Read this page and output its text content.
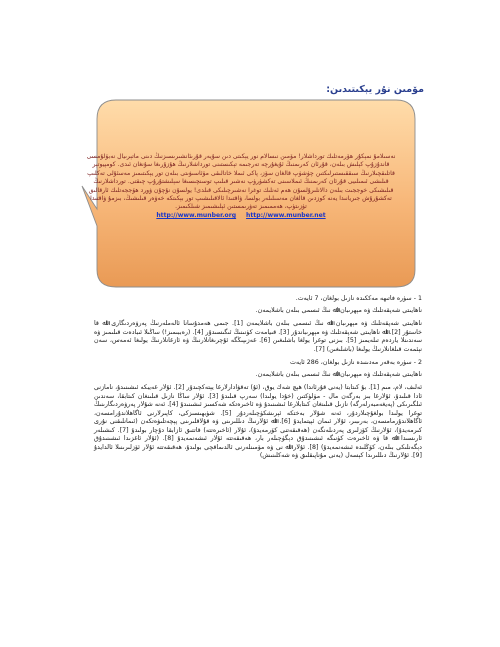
مۆمىن نۇر يېكىتىدىن:
نەسىلامۇ نمېكۇر ھۆرمەتلىك تورداشلار! مۆمىن نىسالام نور يېكىتى دىن سۇيەر قۇرىئانشىرىسىزنىڭ دىنى ماتېرىيال نەبۆلۇمسى قاندۇزۇپ كېلىش بىلەن، قۇرئان كەرىمنىڭ ئۇيغۇرچە تەرجىمە تېكىستىنى تورداشلارنىڭ ھۇزۇرىغا سۇنغان ئىدى. كومپيوتېر قاتلىقچىلارنىڭ سىققىستىرلىكتىن چۈشۈپ قالغان سۆز، پاكى ئىملا خاتالىقى مۆئاسىۋىتى بىلەن تور يېكىتىمىز مەسئۇلى تەكلىپ قىلىشى ئىمىلىيى قۇرئان كەرىمنىڭ ئىملاسىنى تەكشۈرۈپ نەشىر قىلىپ توسنچىسىغا سېلىشتۇرۇپ چىقتى. تورداشلارنىڭ قىلىشىكى خوججىت بىلەن دالانلىرۇلسۇن ھەم ئەنلىك توغرا نەشىرچىلىكى قىلدى! يولسۇن نۇچۇن ۋورد ھۆججەتلىك ئارقالىق تەكشۇرۇش جىريانىدا يەنە كوزدىن قالغان مەسىلىلەر بولسا، ۋاقتىدا ئالاقىلىشىپ تور بېكىتكە خەۋەر قىلىشىڭ، بىزمۇ ۋاقتىدا تۈزىتۈپ، ھەممىمىز تەۋرىمستىن ئېلىشىمىز شىلكىمىز.
http://www.munber.org http://www.munber.net

1 - سۈرە فاتىھە مەككىدە نازىل بولغان، 7 ئايەت.

ناھايىتى شەپقەتلىك ۋە مېھرىبان اﷲ نىڭ ئىسمى بىلەن باشلايمەن.

ناھايىتى شەپقەتلىك ۋە مېھرىبان اﷲ نىڭ ئىسمى بىلەن باشلايمەن [1]. جىمى ھەمدۇسانا ئالەملەرنىڭ پەرۋەردىگارى اﷲ قا خاستۇر [2]. اﷲ ناھايىتى شەپقەتلىك ۋە مېھرىباندۇر [3]. قىيامەت كۈنىنىڭ ئىگىسىدۇر [4]. (رەببىمىز!) ساڭىلا ئىبادەت قىلىمىز ۋە سەندىنلا ياردەم تىلەيمىز [5]. بىزنى توغرا يولغا باشلىغىن [6]. غەزىپىڭگە ئۇچرىغانلارنىڭ ۋە ئازغانلارنىڭ يولىغا ئەمەس، سەن نېئمەت قىلغانلارنىڭ يولىغا (باشلىغىن) [7].

2 - سۈرە بەقەر مەدىنىدە نازىل بولغان، 286 ئايەت

ناھايىتى شەپقەتلىك ۋە مېھرىبان اﷲ نىڭ ئىسمى بىلەن باشلايمەن.

ئەلىف، لام، مىم [1]. بۇ كىتابتا (يەنى قۇرئاندا) ھېچ شەك يوق، (ئۇ) تەقۋادارلارغا يېتەكچىدۇر [2]. ئۇلار غەيبكە ئىشىنىدۇ، نامازنى ئادا قىلىدۇ، ئۇلارغا بىز بەرگەن مال - مۈلۈكتىن (خۇدا يولىدا) سەرپ قىلىدۇ [3]. ئۇلار ساڭا نازىل قىلىنغان كىتابقا، سەندىن ئىلگىرىكى (پەيغەمبەرلەرگە) نازىل قىلىنغان كىتابلارغا ئىشىنىدۇ ۋە ئاخىرەتكە شەكسىز ئىشىنىدۇ [4]. ئەنە شۇلار پەرۋەردىگارىنىڭ توغرا يولىدا بولغۇچىلاردۇر، ئەنە شۇلار بەختكە ئېرىشكۈچىلەردۇر [5]. شۈبھىسىزكى، كاپىرلارنى ئاگاھلاندۇرامسەن، ئاگاھلاندۇرمامسەن، بەرىبىر، ئۇلار ئىمان ئېيتمايدۇ [6]. اﷲ ئۇلارنىڭ دىللىرىنى ۋە قۇلاقلىرىنى پېچەتلىۋەتكەن (ئىمانلىقنى نۇرى كىرمەيدۇ)، ئۇلارنىڭ كۆزلىرى پەردىلەنگەن (ھەقىقەتنى كۆرمەيدۇ)، ئۇلار (ئاخىرەتتە) قاتتىق ئازابقا دۇچار بولىدۇ [7]. كىشىلەر ئارىسىدا اﷲ قا ۋە ئاخىرەت كۈنىگە ئىشىنىدۇق دېگۈچىلەر بار، ھەقىقەتتە ئۇلار ئىشەنمەيدۇ [8]. (ئۇلار ئاغزىدا ئىشىنىدۇق دېگەنلىكى بىلەن، كۆڭلىدە ئىشەنمەيدۇ) [8]. ئۇلار اﷲ نى ۋە مۆمىنلەرنى ئالدىماقچى بولىدۇ، ھەقىقەتتە ئۇلار ئۆزلىرىنىلا ئالدايدۇ [9]. ئۇلارنىڭ دىللىرىدا كېسەل (يەنى مۇناپىقلىق ۋە شەكلىنىش)
